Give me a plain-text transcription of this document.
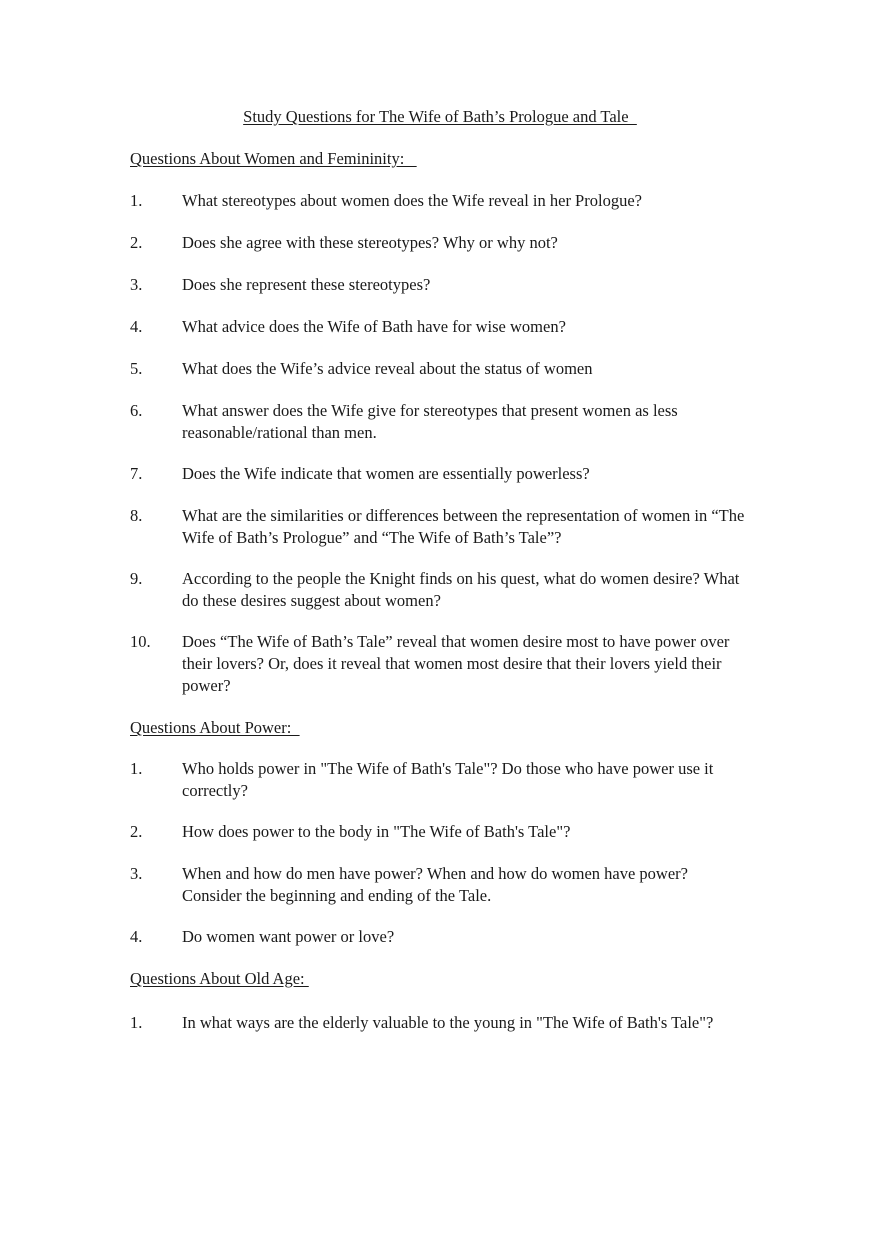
Study Questions for The Wife of Bath’s Prologue and Tale
Questions About Women and Femininity:
1.	What stereotypes about women does the Wife reveal in her Prologue?
2.	Does she agree with these stereotypes? Why or why not?
3.	Does she represent these stereotypes?
4.	What advice does the Wife of Bath have for wise women?
5.	What does the Wife’s advice reveal about the status of women
6.	What answer does the Wife give for stereotypes that present women as less reasonable/rational than men.
7.	Does the Wife indicate that women are essentially powerless?
8.	What are the similarities or differences between the representation of women in “The Wife of Bath’s Prologue” and “The Wife of Bath’s Tale”?
9.	According to the people the Knight finds on his quest, what do women desire? What do these desires suggest about women?
10.	Does “The Wife of Bath’s Tale” reveal that women desire most to have power over their lovers? Or, does it reveal that women most desire that their lovers yield their power?
Questions About Power:
1.	Who holds power in "The Wife of Bath's Tale"? Do those who have power use it correctly?
2.	How does power to the body in "The Wife of Bath's Tale"?
3.	When and how do men have power? When and how do women have power? Consider the beginning and ending of the Tale.
4.	Do women want power or love?
Questions About Old Age:
1.	In what ways are the elderly valuable to the young in "The Wife of Bath's Tale"?
